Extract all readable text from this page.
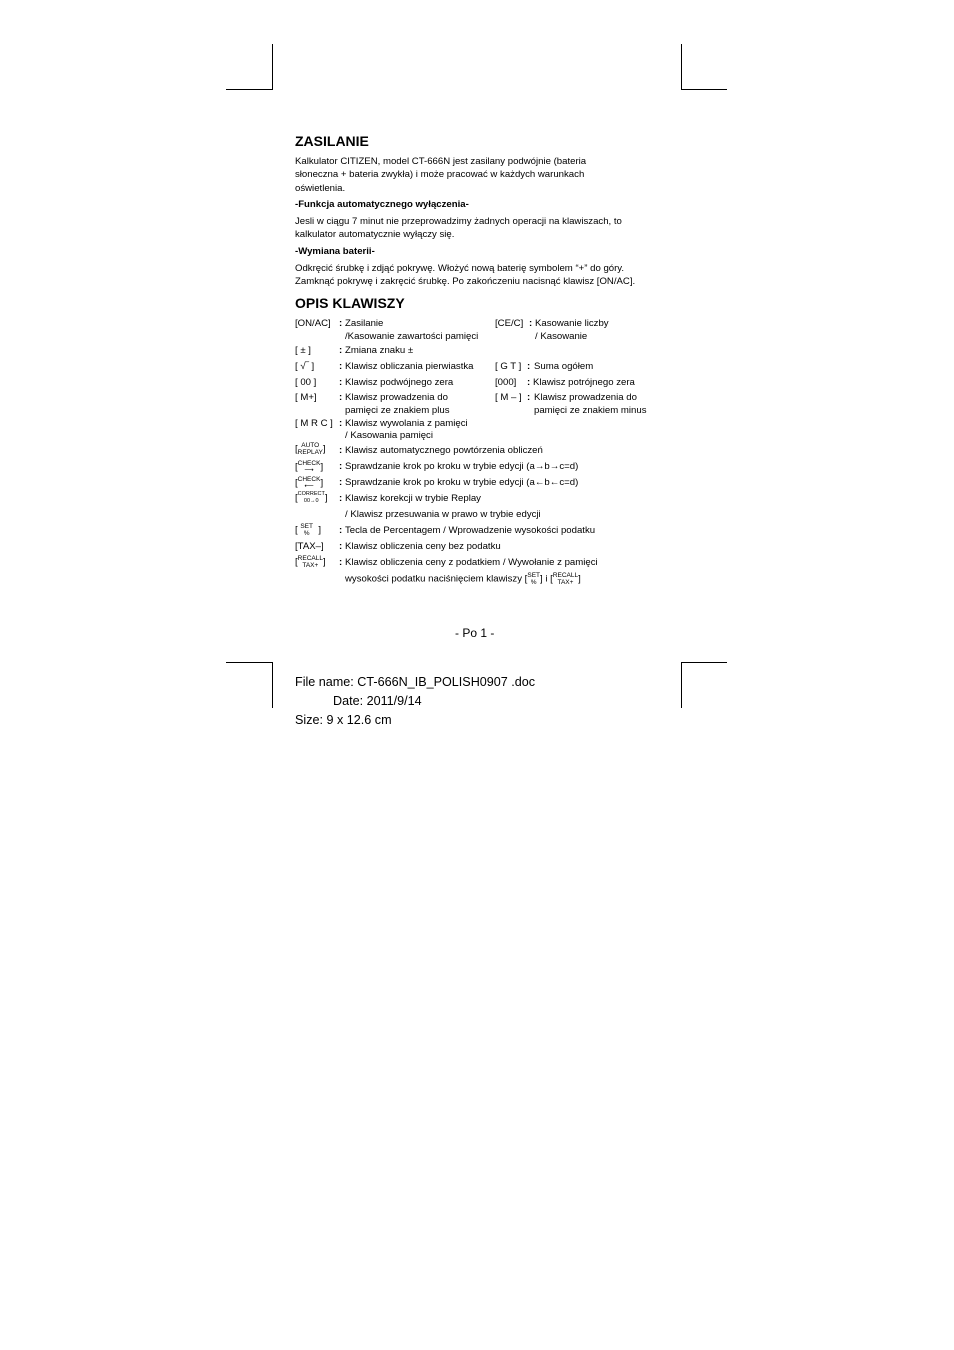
ZASILANIE
Kalkulator CITIZEN, model CT-666N jest zasilany podwójnie (bateria słoneczna + bateria zwykła) i może pracować w każdych warunkach oświetlenia.
-Funkcja automatycznego wyłączenia-
Jesli w ciągu 7 minut nie przeprowadzimy żadnych operacji na klawiszach, to kalkulator automatycznie wyłączy się.
-Wymiana baterii-
Odkręcić śrubkę i zdjąć pokrywę. Włożyć nową baterię symbolem “+” do góry. Zamknąć pokrywę i zakręcić śrubkę. Po zakończeniu nacisnąć klawisz [ON/AC].
OPIS KLAWISZY
[ON/AC] : Zasilanie
/Kasowanie zawartości pamięci
[CE/C] : Kasowanie liczby
/ Kasowanie
[ ± ]	: Zmiana znaku ±
[ √‾ ]	: Klawisz obliczania pierwiastka [ G T ] : Suma ogółem
[ 00 ] : Klawisz podwójnego zera	[000] : Klawisz potrójnego zera
[ M+] : Klawisz prowadzenia do
pamięci ze znakiem plus
[ M – ] : Klawisz prowadzenia do
pamięci ze znakiem minus
[ M R C ] : Klawisz wywolania z pamięci
/ Kasowania pamięci
[ AUTO
REPLAY] : Klawisz automatycznego powtórzenia obliczeń
[CHECK
⟶ ] : Sprawdzanie krok po kroku w trybie edycji (a→b→c=d)
[CHECK
⟵ ] : Sprawdzanie krok po kroku w trybie edycji (a←b←c=d)
[CORRECT
00→0 ] : Klawisz korekcji w trybie Replay
/ Klawisz przesuwania w prawo w trybie edycji
[ SET
%  ] : Tecla de Percentagem / Wprowadzenie wysokości podatku
[TAX–] : Klawisz obliczenia ceny bez podatku
[RECALL
TAX+ ] : Klawisz obliczenia ceny z podatkiem / Wywołanie z pamięci
wysokości podatku naciśnięciem klawiszy [SET
% ] i [RECALL
TAX+ ]
- Po 1 -
File name: CT-666N_IB_POLISH0907 .doc
Date: 2011/9/14
Size: 9 x 12.6 cm
